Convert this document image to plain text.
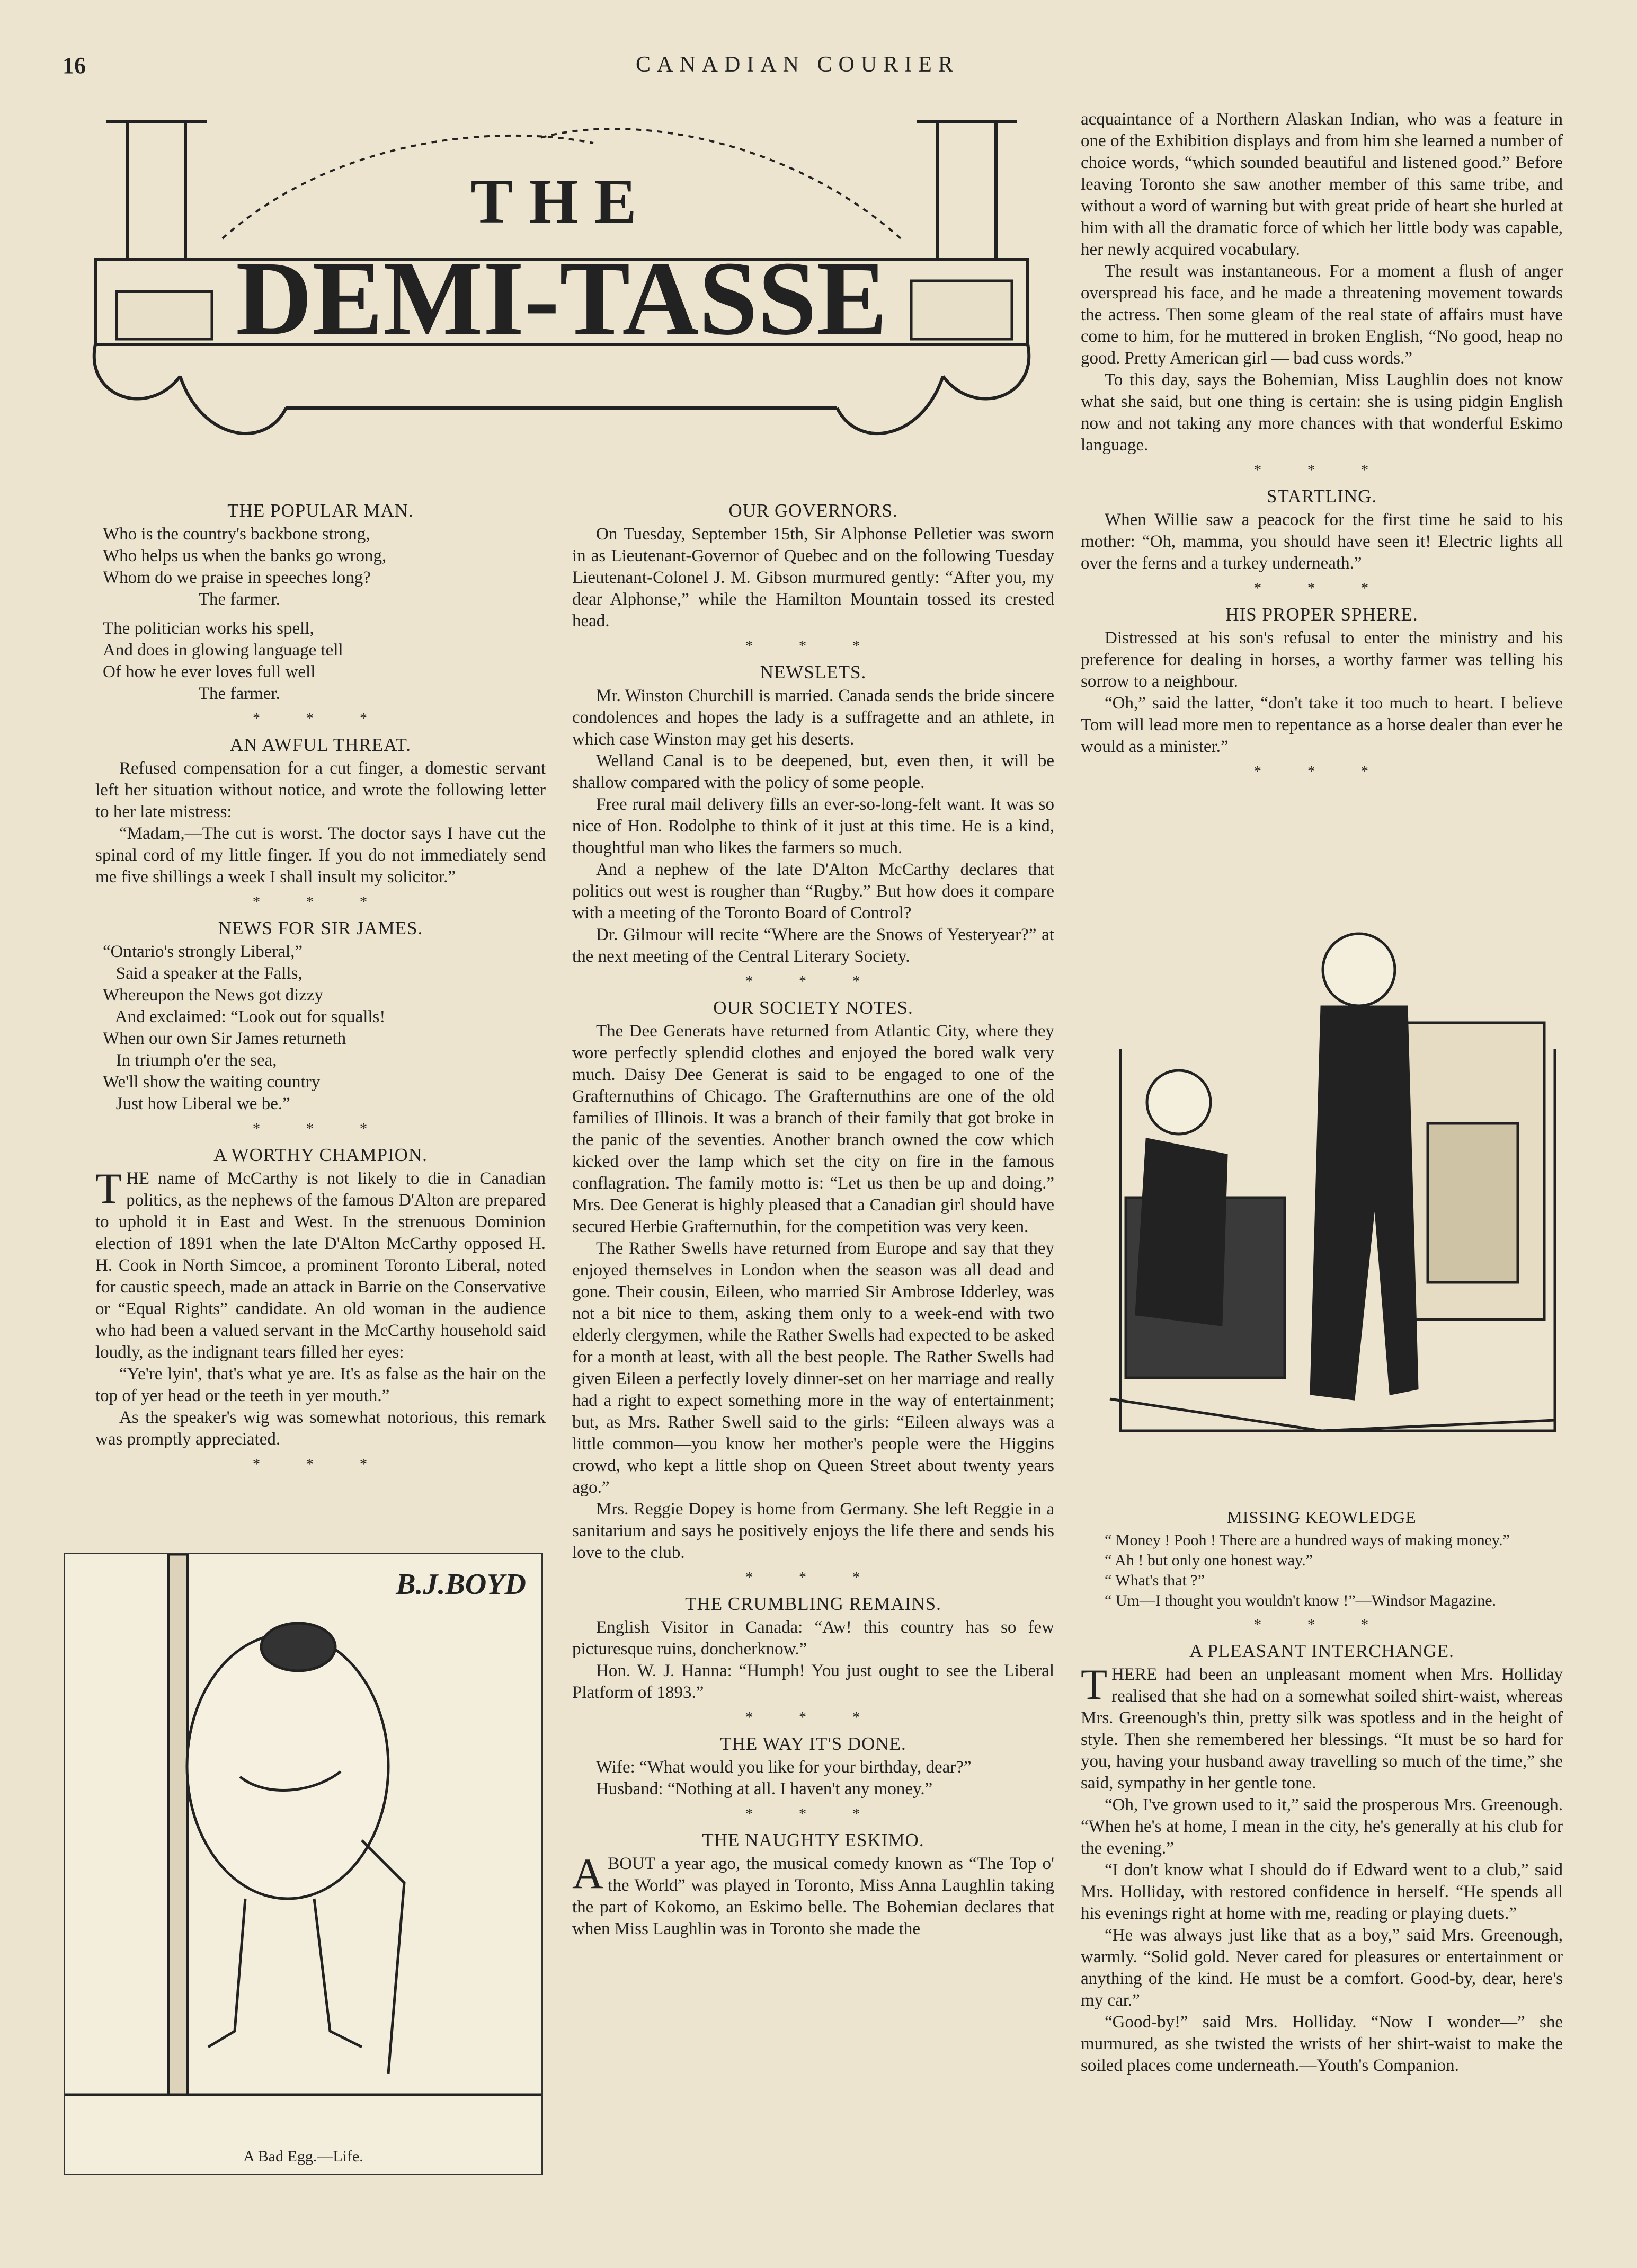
16	CANADIAN COURIER
THE
DEMI-TASSE
THE POPULAR MAN.
Who is the country's backbone strong,
Who helps us when the banks go wrong,
Whom do we praise in speeches long?
The farmer.
The politician works his spell,
And does in glowing language tell
Of how he ever loves full well
The farmer.
* * *
AN AWFUL THREAT.

Refused compensation for a cut finger, a domestic servant left her situation without notice, and wrote the following letter to her late mistress:

“Madam,—The cut is worst. The doctor says I have cut the spinal cord of my little finger. If you do not immediately send me five shillings a week I shall insult my solicitor.”

* * *
NEWS FOR SIR JAMES.
“Ontario's strongly Liberal,”
Said a speaker at the Falls,
Whereupon the News got dizzy
And exclaimed: “Look out for squalls!
When our own Sir James returneth
In triumph o'er the sea,
We'll show the waiting country
Just how Liberal we be.”
* * *
A WORTHY CHAMPION.

THE name of McCarthy is not likely to die in Canadian politics, as the nephews of the famous D'Alton are prepared to uphold it in East and West. In the strenuous Dominion election of 1891 when the late D'Alton McCarthy opposed H. H. Cook in North Simcoe, a prominent Toronto Liberal, noted for caustic speech, made an attack in Barrie on the Conservative or “Equal Rights” candidate. An old woman in the audience who had been a valued servant in the McCarthy household said loudly, as the indignant tears filled her eyes:

“Ye're lyin', that's what ye are. It's as false as the hair on the top of yer head or the teeth in yer mouth.”

As the speaker's wig was somewhat notorious, this remark was promptly appreciated.

* * *
B.J.BOYD
A Bad Egg.—Life.
OUR GOVERNORS.

On Tuesday, September 15th, Sir Alphonse Pelletier was sworn in as Lieutenant-Governor of Quebec and on the following Tuesday Lieutenant-Colonel J. M. Gibson murmured gently: “After you, my dear Alphonse,” while the Hamilton Mountain tossed its crested head.

* * *
NEWSLETS.

Mr. Winston Churchill is married. Canada sends the bride sincere condolences and hopes the lady is a suffragette and an athlete, in which case Winston may get his deserts.

Welland Canal is to be deepened, but, even then, it will be shallow compared with the policy of some people.

Free rural mail delivery fills an ever-so-long-felt want. It was so nice of Hon. Rodolphe to think of it just at this time. He is a kind, thoughtful man who likes the farmers so much.

And a nephew of the late D'Alton McCarthy declares that politics out west is rougher than “Rugby.” But how does it compare with a meeting of the Toronto Board of Control?

Dr. Gilmour will recite “Where are the Snows of Yesteryear?” at the next meeting of the Central Literary Society.

* * *
OUR SOCIETY NOTES.

The Dee Generats have returned from Atlantic City, where they wore perfectly splendid clothes and enjoyed the bored walk very much. Daisy Dee Generat is said to be engaged to one of the Grafternuthins of Chicago. The Grafternuthins are one of the old families of Illinois. It was a branch of their family that got broke in the panic of the seventies. Another branch owned the cow which kicked over the lamp which set the city on fire in the famous conflagration. The family motto is: “Let us then be up and doing.” Mrs. Dee Generat is highly pleased that a Canadian girl should have secured Herbie Grafternuthin, for the competition was very keen.

The Rather Swells have returned from Europe and say that they enjoyed themselves in London when the season was all dead and gone. Their cousin, Eileen, who married Sir Ambrose Idderley, was not a bit nice to them, asking them only to a week-end with two elderly clergymen, while the Rather Swells had expected to be asked for a month at least, with all the best people. The Rather Swells had given Eileen a perfectly lovely dinner-set on her marriage and really had a right to expect something more in the way of entertainment; but, as Mrs. Rather Swell said to the girls: “Eileen always was a little common—you know her mother's people were the Higgins crowd, who kept a little shop on Queen Street about twenty years ago.”

Mrs. Reggie Dopey is home from Germany. She left Reggie in a sanitarium and says he positively enjoys the life there and sends his love to the club.

* * *
THE CRUMBLING REMAINS.

English Visitor in Canada: “Aw! this country has so few picturesque ruins, doncherknow.”

Hon. W. J. Hanna: “Humph! You just ought to see the Liberal Platform of 1893.”

* * *
THE WAY IT'S DONE.

Wife: “What would you like for your birthday, dear?”

Husband: “Nothing at all. I haven't any money.”

* * *
THE NAUGHTY ESKIMO.

ABOUT a year ago, the musical comedy known as “The Top o' the World” was played in Toronto, Miss Anna Laughlin taking the part of Kokomo, an Eskimo belle. The Bohemian declares that when Miss Laughlin was in Toronto she made the

acquaintance of a Northern Alaskan Indian, who was a feature in one of the Exhibition displays and from him she learned a number of choice words, “which sounded beautiful and listened good.” Before leaving Toronto she saw another member of this same tribe, and without a word of warning but with great pride of heart she hurled at him with all the dramatic force of which her little body was capable, her newly acquired vocabulary.

The result was instantaneous. For a moment a flush of anger overspread his face, and he made a threatening movement towards the actress. Then some gleam of the real state of affairs must have come to him, for he muttered in broken English, “No good, heap no good. Pretty American girl — bad cuss words.”

To this day, says the Bohemian, Miss Laughlin does not know what she said, but one thing is certain: she is using pidgin English now and not taking any more chances with that wonderful Eskimo language.

* * *
STARTLING.

When Willie saw a peacock for the first time he said to his mother: “Oh, mamma, you should have seen it! Electric lights all over the ferns and a turkey underneath.”

* * *
HIS PROPER SPHERE.

Distressed at his son's refusal to enter the ministry and his preference for dealing in horses, a worthy farmer was telling his sorrow to a neighbour.

“Oh,” said the latter, “don't take it too much to heart. I believe Tom will lead more men to repentance as a horse dealer than ever he would as a minister.”

* * *
MISSING KEOWLEDGE

“ Money ! Pooh ! There are a hundred ways of making money.”

“ Ah ! but only one honest way.”

“ What's that ?”

“ Um—I thought you wouldn't know !”—Windsor Magazine.

* * *
A PLEASANT INTERCHANGE.

THERE had been an unpleasant moment when Mrs. Holliday realised that she had on a somewhat soiled shirt-waist, whereas Mrs. Greenough's thin, pretty silk was spotless and in the height of style. Then she remembered her blessings. “It must be so hard for you, having your husband away travelling so much of the time,” she said, sympathy in her gentle tone.

“Oh, I've grown used to it,” said the prosperous Mrs. Greenough. “When he's at home, I mean in the city, he's generally at his club for the evening.”

“I don't know what I should do if Edward went to a club,” said Mrs. Holliday, with restored confidence in herself. “He spends all his evenings right at home with me, reading or playing duets.”

“He was always just like that as a boy,” said Mrs. Greenough, warmly. “Solid gold. Never cared for pleasures or entertainment or anything of the kind. He must be a comfort. Good-by, dear, here's my car.”

“Good-by!” said Mrs. Holliday. “Now I wonder—” she murmured, as she twisted the wrists of her shirt-waist to make the soiled places come underneath.—Youth's Companion.
